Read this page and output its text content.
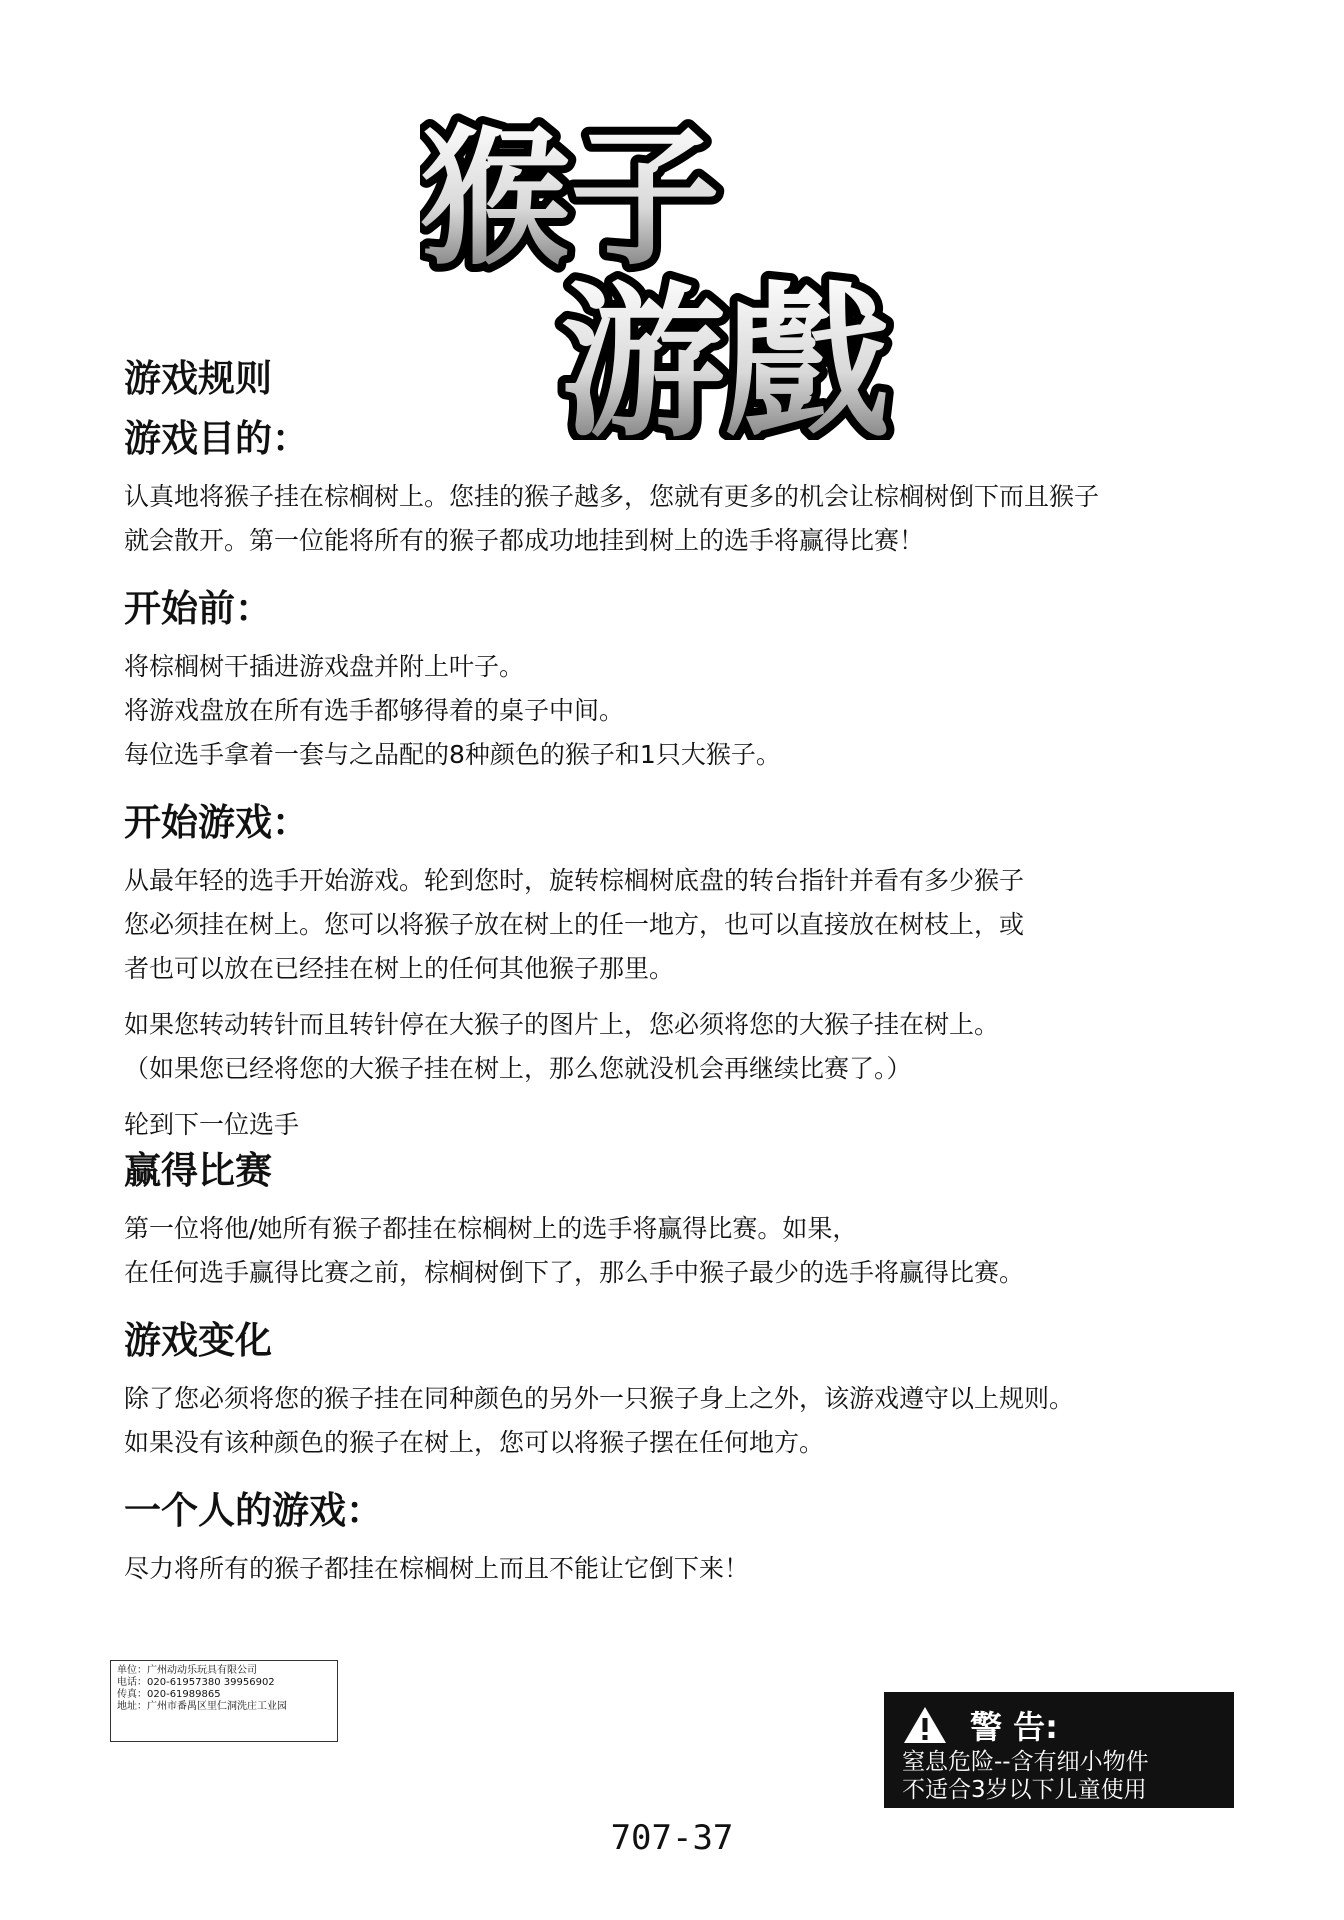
猴子
游戲
游戏规则
游戏目的：

认真地将猴子挂在棕榈树上。您挂的猴子越多，您就有更多的机会让棕榈树倒下而且猴子

就会散开。第一位能将所有的猴子都成功地挂到树上的选手将赢得比赛！

开始前：

将棕榈树干插进游戏盘并附上叶子。

将游戏盘放在所有选手都够得着的桌子中间。

每位选手拿着一套与之品配的8种颜色的猴子和1只大猴子。

开始游戏：

从最年轻的选手开始游戏。轮到您时，旋转棕榈树底盘的转台指针并看有多少猴子

您必须挂在树上。您可以将猴子放在树上的任一地方，也可以直接放在树枝上，或

者也可以放在已经挂在树上的任何其他猴子那里。

如果您转动转针而且转针停在大猴子的图片上，您必须将您的大猴子挂在树上。

（如果您已经将您的大猴子挂在树上，那么您就没机会再继续比赛了。）

轮到下一位选手

赢得比赛

第一位将他/她所有猴子都挂在棕榈树上的选手将赢得比赛。如果，

在任何选手赢得比赛之前，棕榈树倒下了，那么手中猴子最少的选手将赢得比赛。

游戏变化

除了您必须将您的猴子挂在同种颜色的另外一只猴子身上之外，该游戏遵守以上规则。

如果没有该种颜色的猴子在树上，您可以将猴子摆在任何地方。

一个人的游戏：

尽力将所有的猴子都挂在棕榈树上而且不能让它倒下来！

单位：广州动动乐玩具有限公司
电话：020-61957380 39956902
传真：020-61989865
地址：广州市番禺区里仁洞洗庄工业园
警 告:
窒息危险--含有细小物件
不适合3岁以下儿童使用
707-37
